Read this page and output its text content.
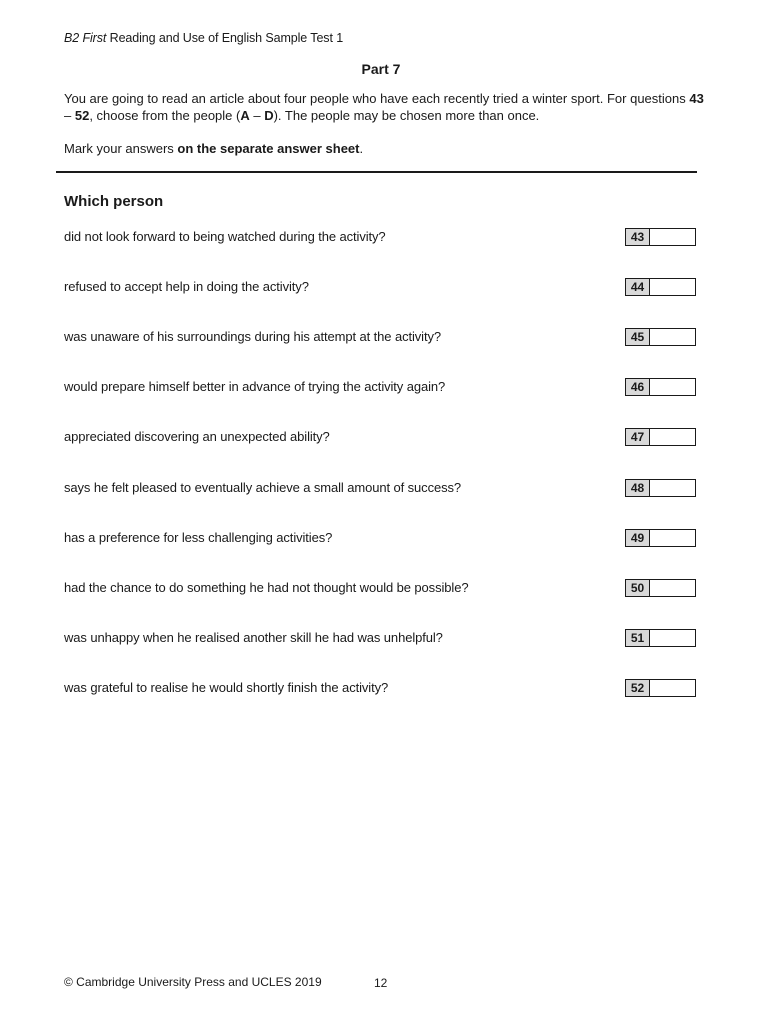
B2 First Reading and Use of English Sample Test 1
Part 7
You are going to read an article about four people who have each recently tried a winter sport. For questions 43 – 52, choose from the people (A – D). The people may be chosen more than once.
Mark your answers on the separate answer sheet.
Which person
did not look forward to being watched during the activity?	43
refused to accept help in doing the activity?	44
was unaware of his surroundings during his attempt at the activity?	45
would prepare himself better in advance of trying the activity again?	46
appreciated discovering an unexpected ability?	47
says he felt pleased to eventually achieve a small amount of success?	48
has a preference for less challenging activities?	49
had the chance to do something he had not thought would be possible?	50
was unhappy when he realised another skill he had was unhelpful?	51
was grateful to realise he would shortly finish the activity?	52
© Cambridge University Press and UCLES 2019	12
